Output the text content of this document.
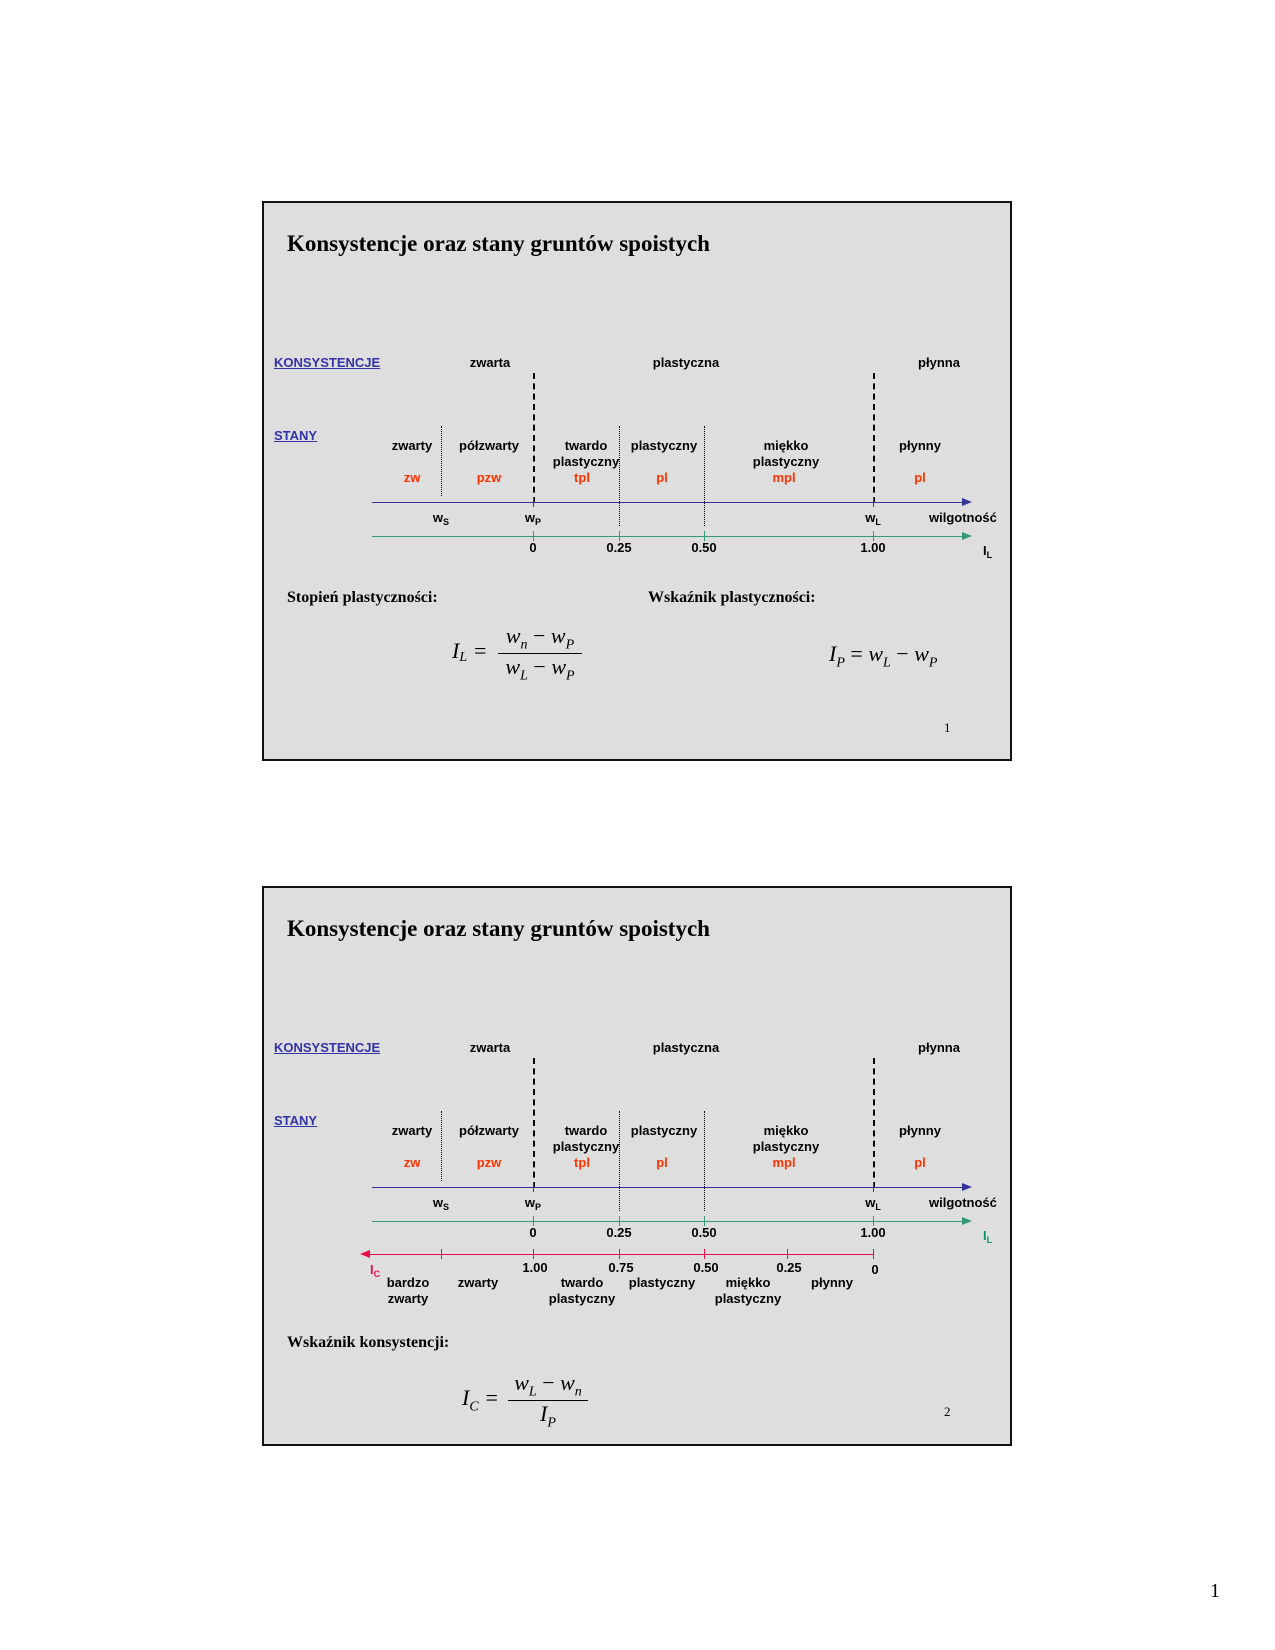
Konsystencje oraz stany gruntów spoistych
KONSYSTENCJE	zwarta	plastyczna	płynna
STANY
zwarty półzwarty	twardo plastyczny
plastyczny	miękko plastyczny
płynny
zw	pzw	tpl	pl	mpl	pl
$w_S$	$w_P$	$w_L$	wilgotność
0	0.25	0.50	1.00	$I_L$
Stopień plastyczności:	Wskaźnik plastyczności:
$I_L = \frac{w_n - w_P}{w_L - w_P}$	$I_P = w_L - w_P$
1
Konsystencje oraz stany gruntów spoistych
KONSYSTENCJE	zwarta	plastyczna	płynna
STANY
zwarty półzwarty	twardo plastyczny
plastyczny	miękko plastyczny
płynny
zw	pzw	tpl	pl	mpl	pl
$w_S$	$w_P$	$w_L$	wilgotność
0	0.25	0.50	1.00	$I_L$
$I_C$	1.00	0.75	0.50	0.25	0
bardzo zwarty
zwarty	twardo plastyczny
plastyczny	miękko plastyczny
płynny
Wskaźnik konsystencji:
$I_C = \frac{w_L - w_n}{I_P}$	2
1
